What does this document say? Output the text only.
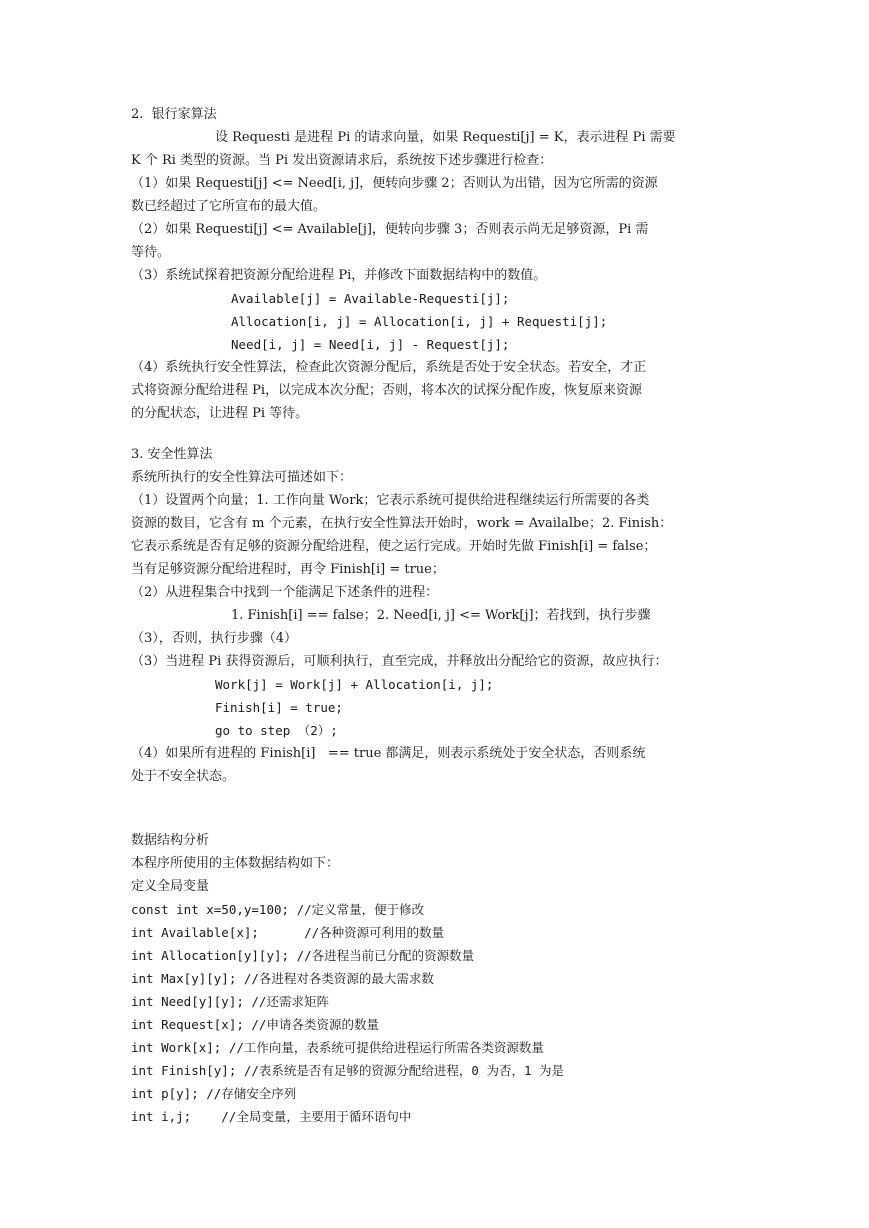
2.  银行家算法

设 Requesti 是进程 Pi 的请求向量，如果 Requesti[j] = K，表示进程 Pi 需要

K 个 Ri 类型的资源。当 Pi 发出资源请求后，系统按下述步骤进行检查：

（1）如果 Requesti[j] <= Need[i, j]，便转向步骤 2；否则认为出错，因为它所需的资源

数已经超过了它所宣布的最大值。

（2）如果 Requesti[j] <= Available[j]，便转向步骤 3；否则表示尚无足够资源，Pi 需

等待。

（3）系统试探着把资源分配给进程 Pi，并修改下面数据结构中的数值。

Available[j] = Available-Requesti[j];

Allocation[i, j] = Allocation[i, j] + Requesti[j];

Need[i, j] = Need[i, j] - Request[j];

（4）系统执行安全性算法，检查此次资源分配后，系统是否处于安全状态。若安全，才正

式将资源分配给进程 Pi，以完成本次分配；否则，将本次的试探分配作废，恢复原来资源

的分配状态，让进程 Pi 等待。

3. 安全性算法

系统所执行的安全性算法可描述如下：

（1）设置两个向量；1. 工作向量 Work；它表示系统可提供给进程继续运行所需要的各类

资源的数目，它含有 m 个元素，在执行安全性算法开始时，work = Availalbe；2. Finish：

它表示系统是否有足够的资源分配给进程，使之运行完成。开始时先做 Finish[i] = false；

当有足够资源分配给进程时，再令 Finish[i] = true；

（2）从进程集合中找到一个能满足下述条件的进程：

1. Finish[i] == false；2. Need[i, j] <= Work[j]；若找到，执行步骤

（3），否则，执行步骤（4）

（3）当进程 Pi 获得资源后，可顺利执行，直至完成，并释放出分配给它的资源，故应执行：

Work[j] = Work[j] + Allocation[i, j];

Finish[i] = true;

go to step （2）;

（4）如果所有进程的 Finish[i]   == true 都满足，则表示系统处于安全状态，否则系统

处于不安全状态。

数据结构分析

本程序所使用的主体数据结构如下：

定义全局变量

const int x=50,y=100; //定义常量，便于修改

int Available[x];      //各种资源可利用的数量

int Allocation[y][y]; //各进程当前已分配的资源数量

int Max[y][y]; //各进程对各类资源的最大需求数

int Need[y][y]; //还需求矩阵

int Request[x]; //申请各类资源的数量

int Work[x]; //工作向量，表系统可提供给进程运行所需各类资源数量

int Finish[y]; //表系统是否有足够的资源分配给进程，0 为否，1 为是

int p[y]; //存储安全序列

int i,j;    //全局变量，主要用于循环语句中
